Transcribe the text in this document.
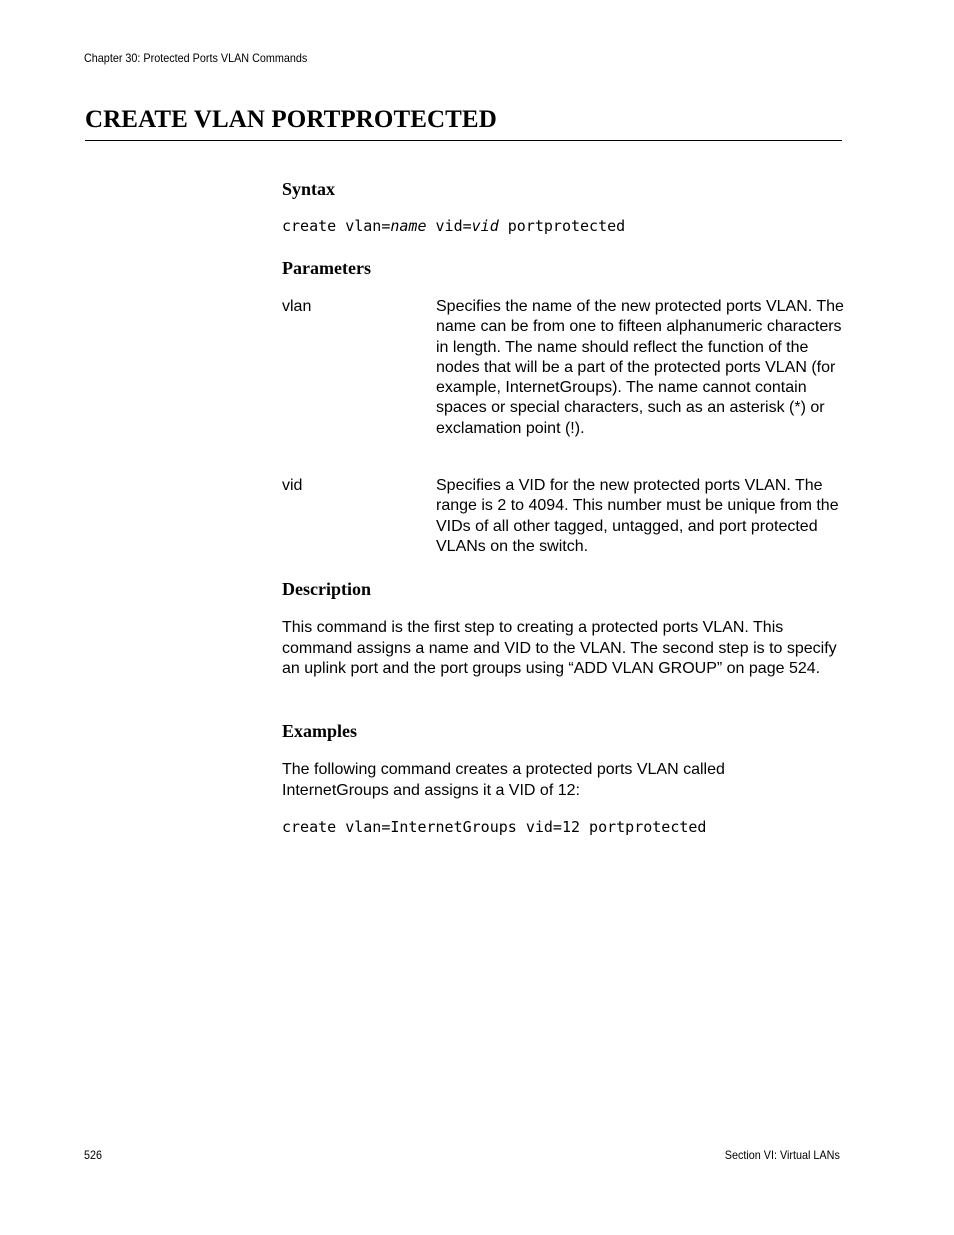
Chapter 30: Protected Ports VLAN Commands
CREATE VLAN PORTPROTECTED
Syntax
create vlan=name vid=vid portprotected
Parameters
vlan	Specifies the name of the new protected ports VLAN. The name can be from one to fifteen alphanumeric characters in length. The name should reflect the function of the nodes that will be a part of the protected ports VLAN (for example, InternetGroups). The name cannot contain spaces or special characters, such as an asterisk (*) or exclamation point (!).
vid	Specifies a VID for the new protected ports VLAN. The range is 2 to 4094. This number must be unique from the VIDs of all other tagged, untagged, and port protected VLANs on the switch.
Description
This command is the first step to creating a protected ports VLAN. This command assigns a name and VID to the VLAN. The second step is to specify an uplink port and the port groups using “ADD VLAN GROUP” on page 524.
Examples
The following command creates a protected ports VLAN called InternetGroups and assigns it a VID of 12:
create vlan=InternetGroups vid=12 portprotected
526	Section VI: Virtual LANs
